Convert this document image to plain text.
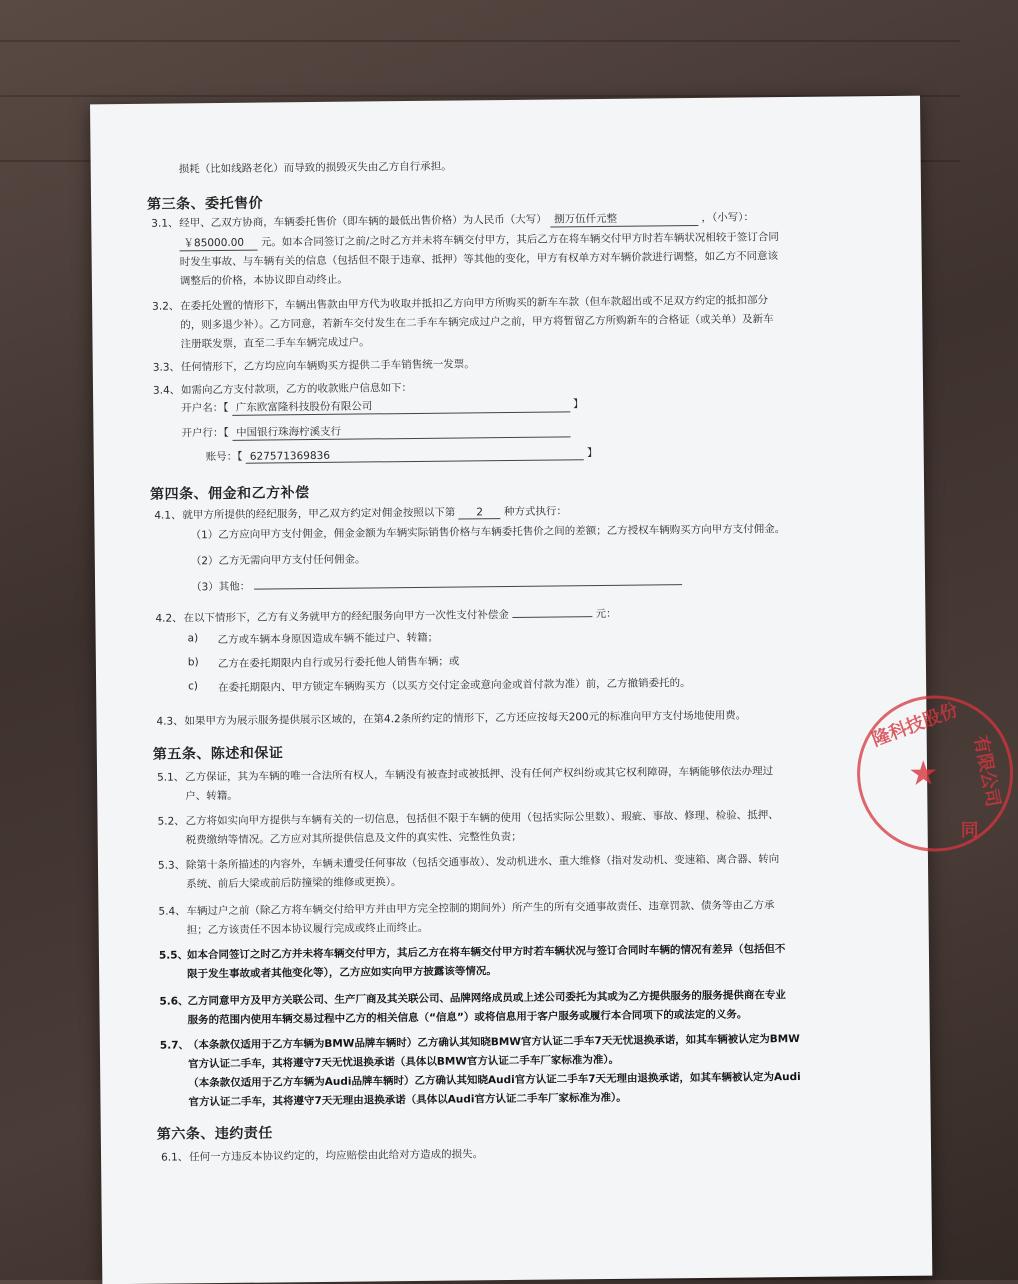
损耗（比如线路老化）而导致的损毁灭失由乙方自行承担。
第三条、委托售价
3.1、 经甲、乙双方协商，车辆委托售价（即车辆的最低出售价格）为人民币（大写） 捌万伍仟元整	，（小写）：
￥85000.00 元。如本合同签订之前/之时乙方并未将车辆交付甲方，其后乙方在将车辆交付甲方时若车辆状况相较于签订合同
时发生事故、与车辆有关的信息（包括但不限于违章、抵押）等其他的变化，甲方有权单方对车辆价款进行调整，如乙方不同意该
调整后的价格，本协议即自动终止。
3.2、 在委托处置的情形下，车辆出售款由甲方代为收取并抵扣乙方向甲方所购买的新车车款（但车款超出或不足双方约定的抵扣部分
的，则多退少补）。乙方同意，若新车交付发生在二手车车辆完成过户之前，甲方将暂留乙方所购新车的合格证（或关单）及新车
注册联发票，直至二手车车辆完成过户。
3.3、 任何情形下，乙方均应向车辆购买方提供二手车销售统一发票。
3.4、 如需向乙方支付款项，乙方的收款账户信息如下：
开户名：【 广东欧富隆科技股份有限公司	】
开户行：【 中国银行珠海柠溪支行
账号：【 627571369836	】
第四条、佣金和乙方补偿
4.1、 就甲方所提供的经纪服务，甲乙双方约定对佣金按照以下第 2 种方式执行：
（1）乙方应向甲方支付佣金，佣金金额为车辆实际销售价格与车辆委托售价之间的差额；乙方授权车辆购买方向甲方支付佣金。
（2）乙方无需向甲方支付任何佣金。
（3）其他：
4.2、 在以下情形下，乙方有义务就甲方的经纪服务向甲方一次性支付补偿金	元：
a) 乙方或车辆本身原因造成车辆不能过户、转籍；
b) 乙方在委托期限内自行或另行委托他人销售车辆；或
c) 在委托期限内、甲方锁定车辆购买方（以买方交付定金或意向金或首付款为准）前，乙方撤销委托的。
4.3、 如果甲方为展示服务提供展示区域的，在第4.2条所约定的情形下，乙方还应按每天200元的标准向甲方支付场地使用费。
第五条、陈述和保证
5.1、 乙方保证，其为车辆的唯一合法所有权人，车辆没有被查封或被抵押、没有任何产权纠纷或其它权利障碍，车辆能够依法办理过
户、转籍。
5.2、 乙方将如实向甲方提供与车辆有关的一切信息，包括但不限于车辆的使用（包括实际公里数）、瑕疵、事故、修理、检验、抵押、
税费缴纳等情况。乙方应对其所提供信息及文件的真实性、完整性负责；
5.3、 除第十条所描述的内容外，车辆未遭受任何事故（包括交通事故）、发动机进水、重大维修（指对发动机、变速箱、离合器、转向
系统、前后大梁或前后防撞梁的维修或更换）。
5.4、 车辆过户之前（除乙方将车辆交付给甲方并由甲方完全控制的期间外）所产生的所有交通事故责任、违章罚款、债务等由乙方承
担；乙方该责任不因本协议履行完成或终止而终止。
5.5、
如本合同签订之时乙方并未将车辆交付甲方，其后乙方在将车辆交付甲方时若车辆状况与签订合同时车辆的情况有差异（包括但不
限于发生事故或者其他变化等），乙方应如实向甲方披露该等情况。
5.6、
乙方同意甲方及甲方关联公司、生产厂商及其关联公司、品牌网络成员或上述公司委托为其或为乙方提供服务的服务提供商在专业
服务的范围内使用车辆交易过程中乙方的相关信息（“信息”）或将信息用于客户服务或履行本合同项下的或法定的义务。
5.7、
（本条款仅适用于乙方车辆为BMW品牌车辆时）乙方确认其知晓BMW官方认证二手车7天无忧退换承诺，如其车辆被认定为BMW
官方认证二手车，其将遵守7天无忧退换承诺（具体以BMW官方认证二手车厂家标准为准）。
（本条款仅适用于乙方车辆为Audi品牌车辆时）乙方确认其知晓Audi官方认证二手车7天无理由退换承诺，如其车辆被认定为Audi
官方认证二手车，其将遵守7天无理由退换承诺（具体以Audi官方认证二手车厂家标准为准）。
第六条、违约责任
6.1、 任何一方违反本协议约定的，均应赔偿由此给对方造成的损失。
隆科技股份
有限公司
同
★
